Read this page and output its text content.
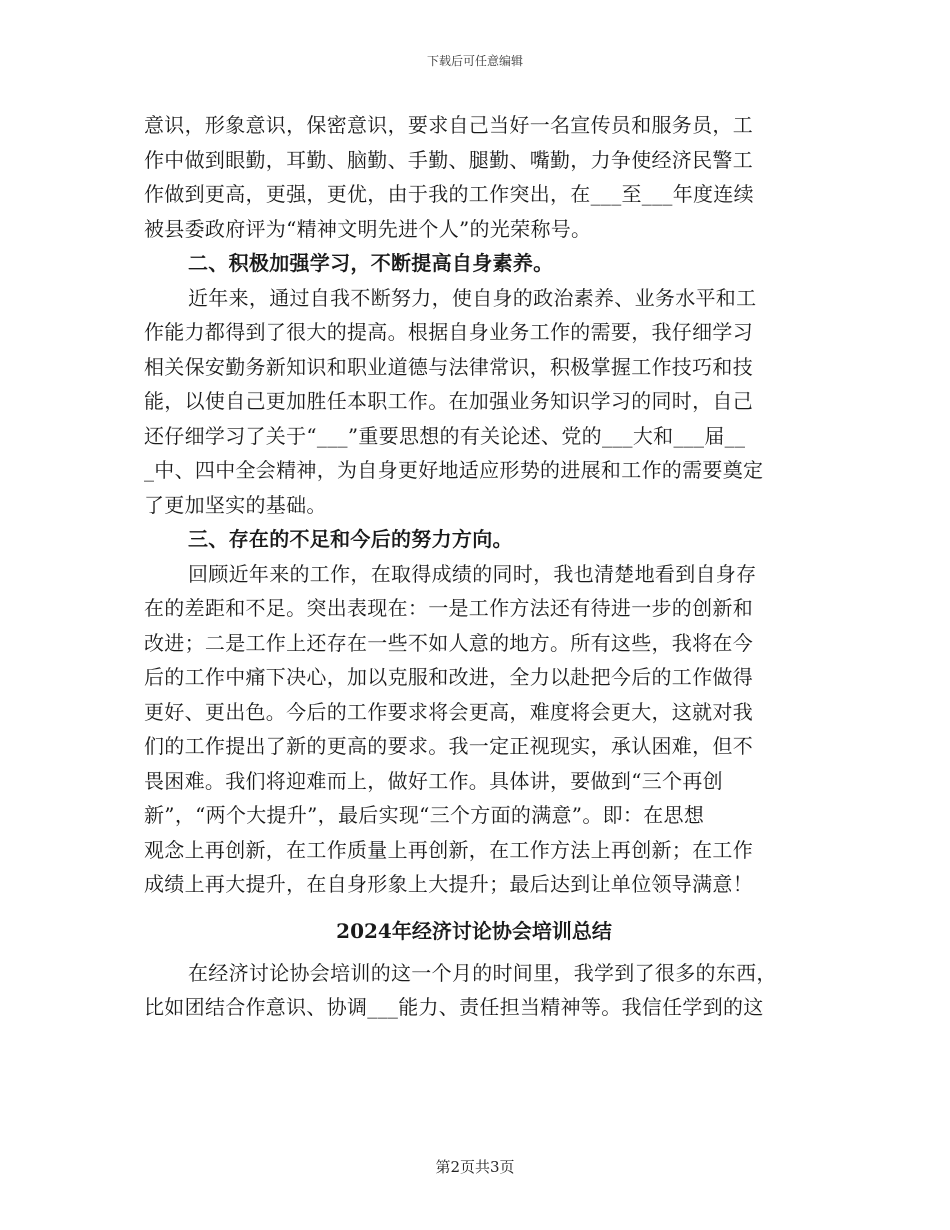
下载后可任意编辑
意识，形象意识，保密意识，要求自己当好一名宣传员和服务员，工
作中做到眼勤，耳勤、脑勤、手勤、腿勤、嘴勤，力争使经济民警工
作做到更高，更强，更优，由于我的工作突出，在___至___年度连续
被县委政府评为“精神文明先进个人”的光荣称号。
二、积极加强学习，不断提高自身素养。
近年来，通过自我不断努力，使自身的政治素养、业务水平和工
作能力都得到了很大的提高。根据自身业务工作的需要，我仔细学习
相关保安勤务新知识和职业道德与法律常识，积极掌握工作技巧和技
能，以使自己更加胜任本职工作。在加强业务知识学习的同时，自己
还仔细学习了关于“___”重要思想的有关论述、党的___大和___届__
_中、四中全会精神，为自身更好地适应形势的进展和工作的需要奠定
了更加坚实的基础。
三、存在的不足和今后的努力方向。
回顾近年来的工作，在取得成绩的同时，我也清楚地看到自身存
在的差距和不足。突出表现在：一是工作方法还有待进一步的创新和
改进；二是工作上还存在一些不如人意的地方。所有这些，我将在今
后的工作中痛下决心，加以克服和改进，全力以赴把今后的工作做得
更好、更出色。今后的工作要求将会更高，难度将会更大，这就对我
们的工作提出了新的更高的要求。我一定正视现实，承认困难，但不
畏困难。我们将迎难而上，做好工作。具体讲，要做到“三个再创
新”，“两个大提升”，最后实现“三个方面的满意”。即：在思想
观念上再创新，在工作质量上再创新，在工作方法上再创新；在工作
成绩上再大提升，在自身形象上大提升；最后达到让单位领导满意！
2024年经济讨论协会培训总结
在经济讨论协会培训的这一个月的时间里，我学到了很多的东西，
比如团结合作意识、协调___能力、责任担当精神等。我信任学到的这
第2页共3页
